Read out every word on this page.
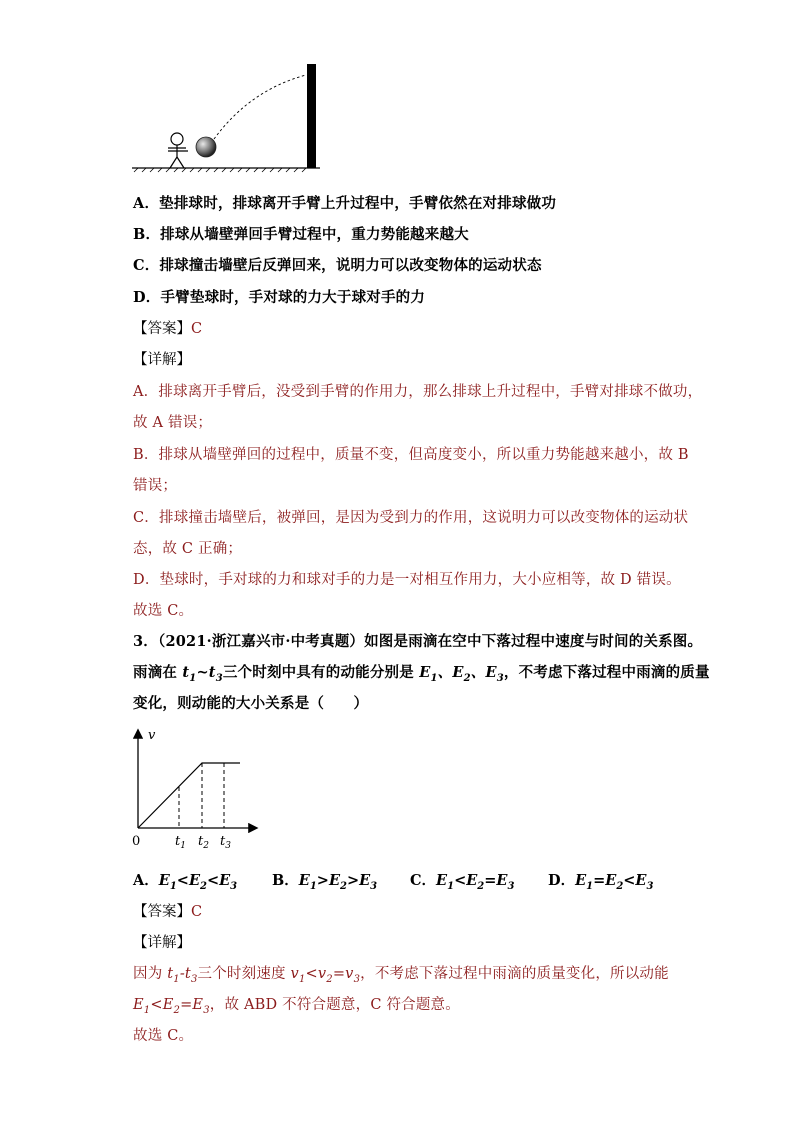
A．垫排球时，排球离开手臂上升过程中，手臂依然在对排球做功
B．排球从墙壁弹回手臂过程中，重力势能越来越大
C．排球撞击墙壁后反弹回来，说明力可以改变物体的运动状态
D．手臂垫球时，手对球的力大于球对手的力
【答案】C
【详解】
A．排球离开手臂后，没受到手臂的作用力，那么排球上升过程中，手臂对排球不做功，
故 A 错误；
B．排球从墙壁弹回的过程中，质量不变，但高度变小，所以重力势能越来越小，故 B
错误；
C．排球撞击墙壁后，被弹回，是因为受到力的作用，这说明力可以改变物体的运动状
态，故 C 正确；
D．垫球时，手对球的力和球对手的力是一对相互作用力，大小应相等，故 D 错误。
故选 C。
3．（2021·浙江嘉兴市·中考真题）如图是雨滴在空中下落过程中速度与时间的关系图。
雨滴在 $t_1\sim t_3$三个时刻中具有的动能分别是 $E_1$、$E_2$、$E_3$，不考虑下落过程中雨滴的质量
变化，则动能的大小关系是（　　）
v
0	$t_1$ $t_2$ $t_3$
A．$E_1<E_2<E_3$ B．$E_1>E_2>E_3$ C．$E_1<E_2=E_3$ D．$E_1=E_2<E_3$
【答案】C
【详解】
因为 $t_1-t_3$三个时刻速度 $v_1<v_2=v_3$，不考虑下落过程中雨滴的质量变化，所以动能
$E_1<E_2=E_3$，故 ABD 不符合题意，C 符合题意。
故选 C。
